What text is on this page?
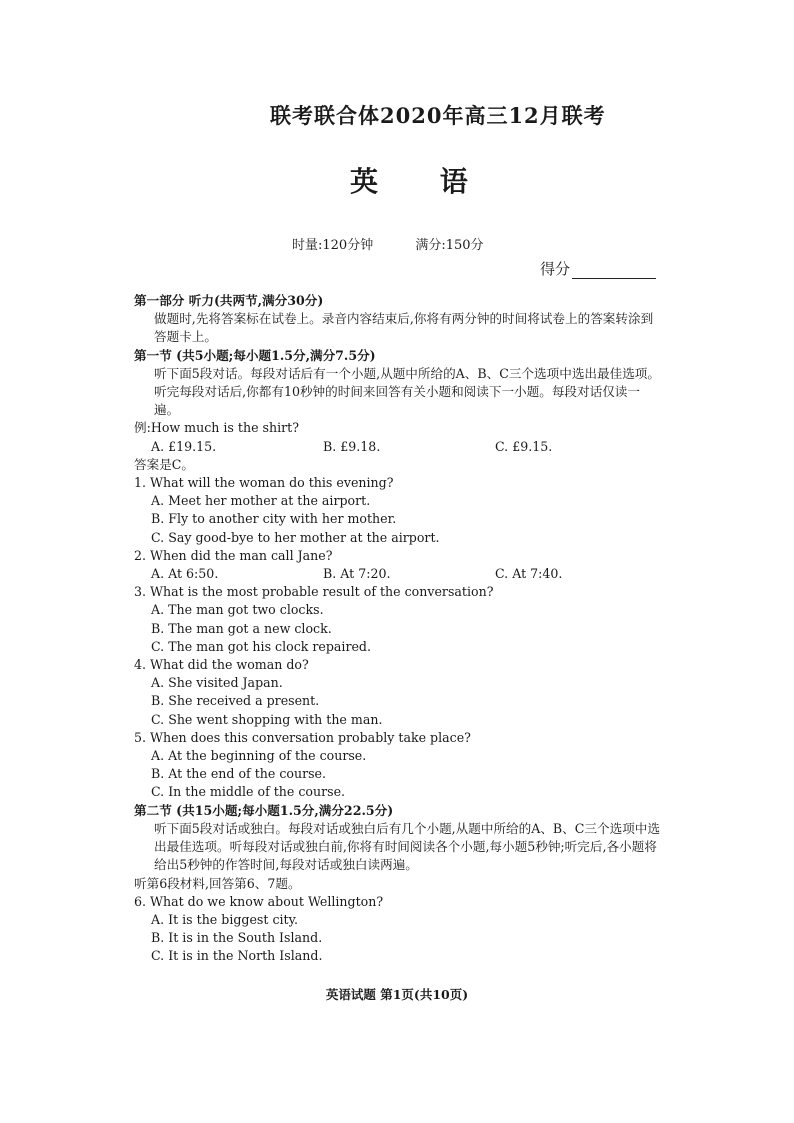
联考联合体2020年高三12月联考
英 语
时量:120分钟	满分:150分
得分
第一部分 听力(共两节,满分30分)
做题时,先将答案标在试卷上。录音内容结束后,你将有两分钟的时间将试卷上的答案转涂到答题卡上。
第一节 (共5小题;每小题1.5分,满分7.5分)
听下面5段对话。每段对话后有一个小题,从题中所给的A、B、C三个选项中选出最佳选项。听完每段对话后,你都有10秒钟的时间来回答有关小题和阅读下一小题。每段对话仅读一遍。
例:How much is the shirt?
A. £19.15.	B. £9.18.	C. £9.15.
答案是C。
1. What will the woman do this evening?
A. Meet her mother at the airport.
B. Fly to another city with her mother.
C. Say good-bye to her mother at the airport.
2. When did the man call Jane?
A. At 6:50.	B. At 7:20.	C. At 7:40.
3. What is the most probable result of the conversation?
A. The man got two clocks.
B. The man got a new clock.
C. The man got his clock repaired.
4. What did the woman do?
A. She visited Japan.
B. She received a present.
C. She went shopping with the man.
5. When does this conversation probably take place?
A. At the beginning of the course.
B. At the end of the course.
C. In the middle of the course.
第二节 (共15小题;每小题1.5分,满分22.5分)
听下面5段对话或独白。每段对话或独白后有几个小题,从题中所给的A、B、C三个选项中选出最佳选项。听每段对话或独白前,你将有时间阅读各个小题,每小题5秒钟;听完后,各小题将给出5秒钟的作答时间,每段对话或独白读两遍。
听第6段材料,回答第6、7题。
6. What do we know about Wellington?
A. It is the biggest city.
B. It is in the South Island.
C. It is in the North Island.
英语试题 第1页(共10页)
